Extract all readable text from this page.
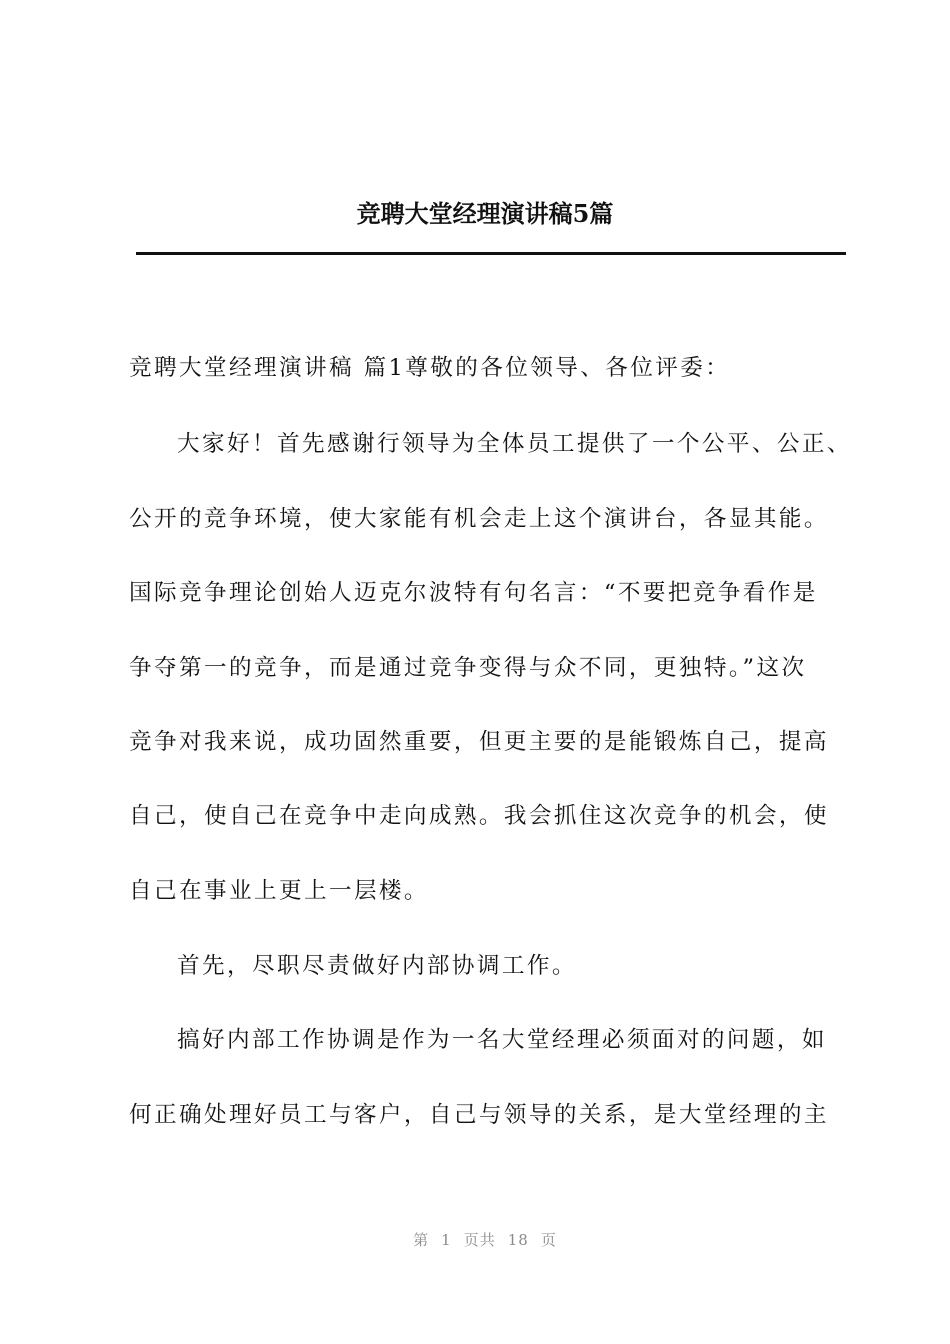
竞聘大堂经理演讲稿5篇
竞聘大堂经理演讲稿 篇1尊敬的各位领导、各位评委：
大家好！首先感谢行领导为全体员工提供了一个公平、公正、
公开的竞争环境，使大家能有机会走上这个演讲台，各显其能。
国际竞争理论创始人迈克尔波特有句名言：“不要把竞争看作是
争夺第一的竞争，而是通过竞争变得与众不同，更独特。”这次
竞争对我来说，成功固然重要，但更主要的是能锻炼自己，提高
自己，使自己在竞争中走向成熟。我会抓住这次竞争的机会，使
自己在事业上更上一层楼。
首先，尽职尽责做好内部协调工作。
搞好内部工作协调是作为一名大堂经理必须面对的问题，如
何正确处理好员工与客户，自己与领导的关系，是大堂经理的主
第 1 页共 18 页
